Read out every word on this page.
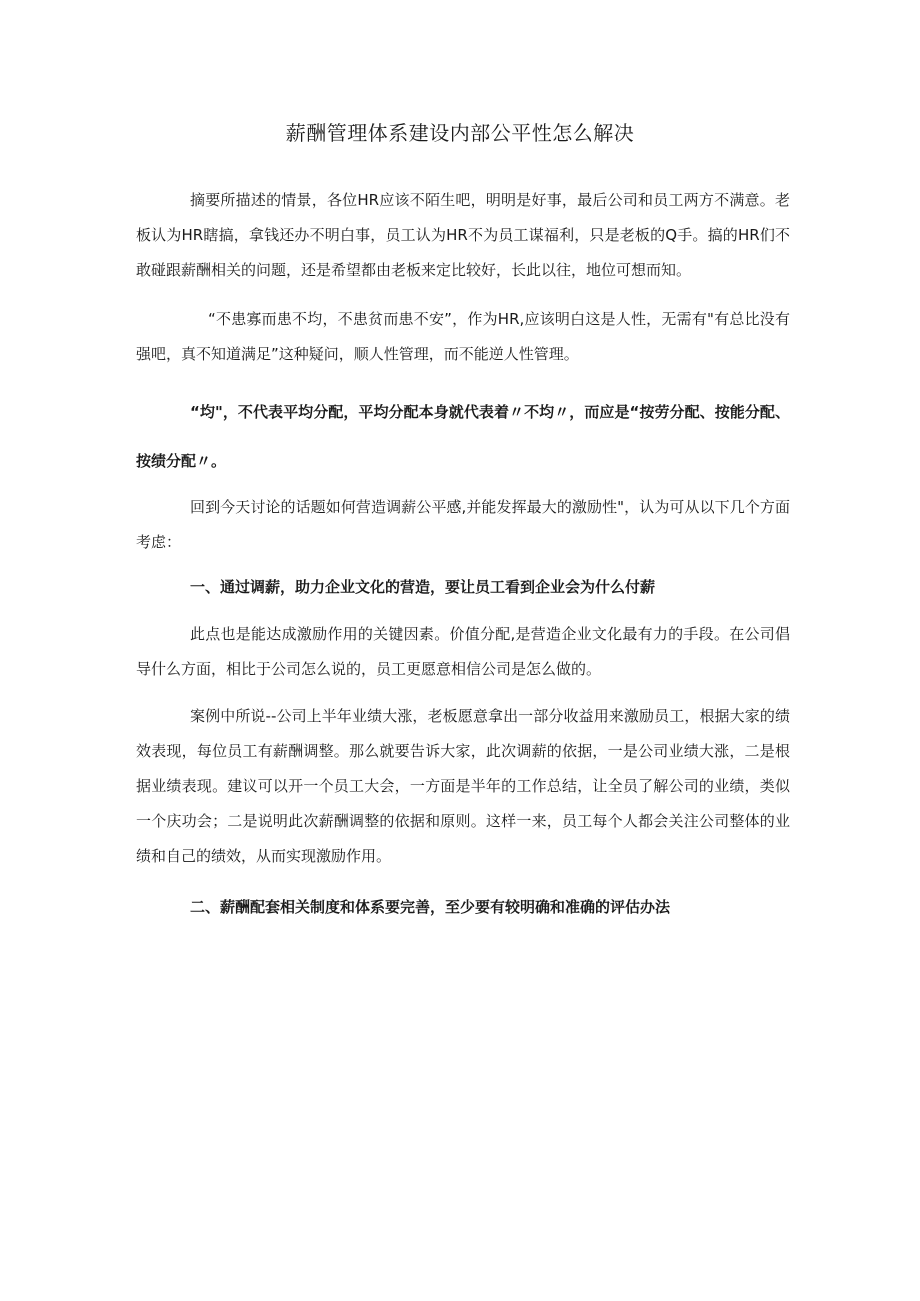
薪酬管理体系建设内部公平性怎么解决

摘要所描述的情景，各位HR应该不陌生吧，明明是好事，最后公司和员工两方不满意。老板认为HR瞎搞，拿钱还办不明白事，员工认为HR不为员工谋福利，只是老板的Q手。搞的HR们不敢碰跟薪酬相关的问题，还是希望都由老板来定比较好，长此以往，地位可想而知。

“不患寡而患不均，不患贫而患不安”，作为HR,应该明白这是人性，无需有"有总比没有强吧，真不知道满足”这种疑问，顺人性管理，而不能逆人性管理。

“均"，不代表平均分配，平均分配本身就代表着〃不均〃，而应是“按劳分配、按能分配、按绩分配〃。

回到今天讨论的话题如何营造调薪公平感,并能发挥最大的激励性"，认为可从以下几个方面考虑：

一、通过调薪，助力企业文化的营造，要让员工看到企业会为什么付薪

此点也是能达成激励作用的关键因素。价值分配,是营造企业文化最有力的手段。在公司倡导什么方面，相比于公司怎么说的，员工更愿意相信公司是怎么做的。

案例中所说--公司上半年业绩大涨，老板愿意拿出一部分收益用来激励员工，根据大家的绩效表现，每位员工有薪酬调整。那么就要告诉大家，此次调薪的依据，一是公司业绩大涨，二是根据业绩表现。建议可以开一个员工大会，一方面是半年的工作总结，让全员了解公司的业绩，类似一个庆功会；二是说明此次薪酬调整的依据和原则。这样一来，员工每个人都会关注公司整体的业绩和自己的绩效，从而实现激励作用。

二、薪酬配套相关制度和体系要完善，至少要有较明确和准确的评估办法
